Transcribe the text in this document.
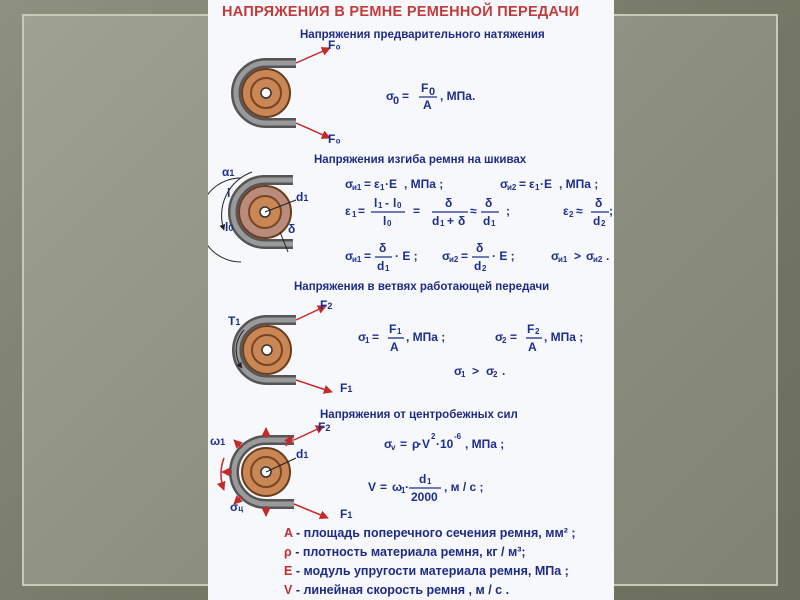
НАПРЯЖЕНИЯ В РЕМНЕ РЕМЕННОЙ ПЕРЕДАЧИ
Напряжения предварительного натяжения
F₀
F₀
σ
0 =
F 0
A
, МПа.
Напряжения изгиба ремня на шкивах
α1
l
l0
d1
δ
σ
и1 = ε 1 ·E , МПа ;	σ
и2 = ε 1 ·E , МПа ;
ε 1 =
l 1 - l 0
l 0
=
δ
d 1 + δ
≈
δ
d 1
;	ε 2 ≈
δ
d 2
;
σ
и1 =
δ
d 1
· E ; σ
и2 =
δ
d 2
· E ;	σ
и1 > σ
и2 .
Напряжения в ветвях работающей передачи
F2
T1
F1
σ
1 =
F 1
A
, МПа ;	σ
2 =
F 2
A
, МПа ;
σ
1 > σ
2 .
Напряжения от центробежных сил
F2
ω1
d1
σц	F1
σ
v = ρ
·V
2
·10
-6
, МПа ;
V = ω
1 ·
d 1
2000
, м / с ;
A - площадь поперечного сечения ремня, мм² ;
ρ - плотность материала ремня, кг / м³;
E - модуль упругости материала ремня, МПа ;
V - линейная скорость ремня , м / с .
